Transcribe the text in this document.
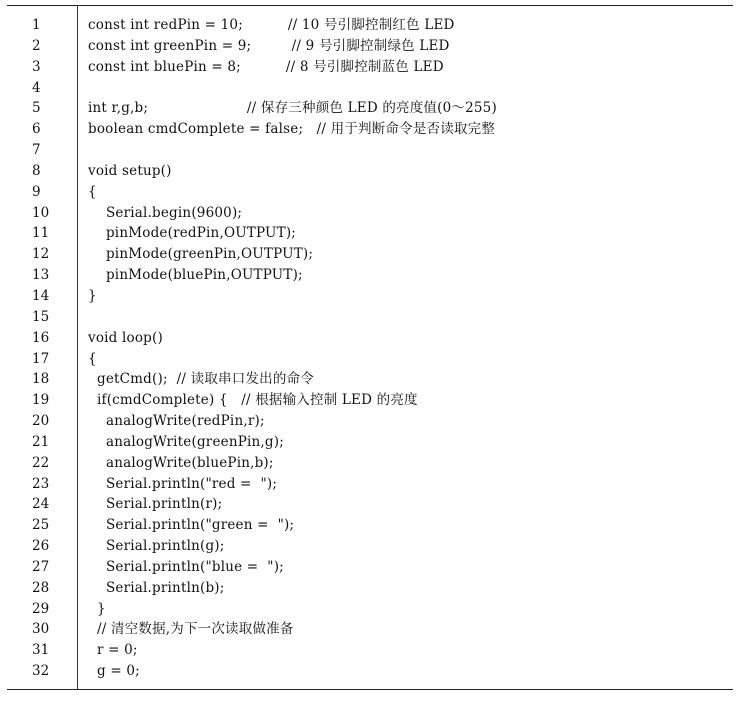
1	const int redPin = 10;          // 10 号引脚控制红色 LED
2	const int greenPin = 9;         // 9 号引脚控制绿色 LED
3	const int bluePin = 8;          // 8 号引脚控制蓝色 LED
4
5	int r,g,b;                      // 保存三种颜色 LED 的亮度值(0～255)
6	boolean cmdComplete = false;   // 用于判断命令是否读取完整
7
8	void setup()
9	{
10	Serial.begin(9600);
11	pinMode(redPin,OUTPUT);
12	pinMode(greenPin,OUTPUT);
13	pinMode(bluePin,OUTPUT);
14	}
15
16	void loop()
17	{
18	getCmd();  // 读取串口发出的命令
19	if(cmdComplete) {   // 根据输入控制 LED 的亮度
20	analogWrite(redPin,r);
21	analogWrite(greenPin,g);
22	analogWrite(bluePin,b);
23	Serial.println("red =  ");
24	Serial.println(r);
25	Serial.println("green =  ");
26	Serial.println(g);
27	Serial.println("blue =  ");
28	Serial.println(b);
29	}
30	// 清空数据,为下一次读取做准备
31	r = 0;
32	g = 0;
